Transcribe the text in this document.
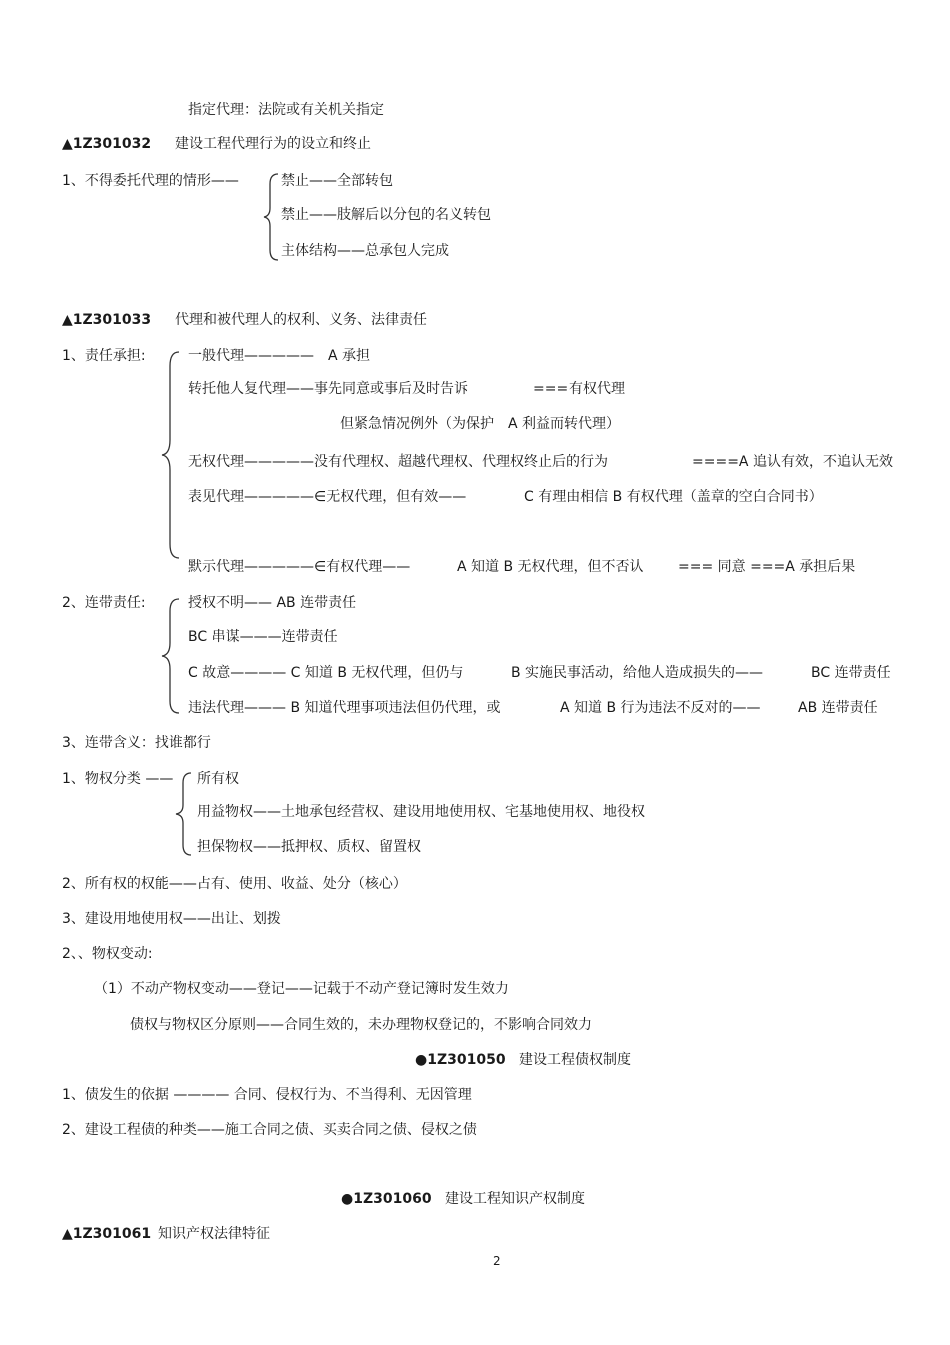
指定代理：法院或有关机关指定
▲1Z301032 建设工程代理行为的设立和终止
1、不得委托代理的情形——	禁止——全部转包
禁止——肢解后以分包的名义转包
主体结构——总承包人完成
▲1Z301033 代理和被代理人的权利、义务、法律责任
1、责任承担:	一般代理—————　A 承担
转托他人复代理——事先同意或事后及时告诉	=== 有权代理
但紧急情况例外（为保护　A 利益而转代理）
无权代理—————没有代理权、超越代理权、代理权终止后的行为	====A 追认有效，不追认无效
表见代理—————∈无权代理，但有效——	C 有理由相信 B 有权代理（盖章的空白合同书）
默示代理—————∈有权代理——	A 知道 B 无权代理，但不否认 === 同意 ===A 承担后果
2、连带责任:	授权不明—— AB 连带责任
BC 串谋———连带责任
C 故意———— C 知道 B 无权代理，但仍与	B 实施民事活动，给他人造成损失的——	BC 连带责任
违法代理——— B 知道代理事项违法但仍代理，或	A 知道 B 行为违法不反对的——	AB 连带责任
3、连带含义：找谁都行
1、物权分类 —— 所有权
用益物权——土地承包经营权、建设用地使用权、宅基地使用权、地役权
担保物权——抵押权、质权、留置权
2、所有权的权能——占有、使用、收益、处分（核心）
3、建设用地使用权——出让、划拨
2、、物权变动:
（1）不动产物权变动——登记——记载于不动产登记簿时发生效力
债权与物权区分原则——合同生效的，未办理物权登记的，不影响合同效力
●1Z301050 建设工程债权制度
1、债发生的依据 ———— 合同、侵权行为、不当得利、无因管理
2、建设工程债的种类——施工合同之债、买卖合同之债、侵权之债
●1Z301060 建设工程知识产权制度
▲1Z301061 知识产权法律特征
2
